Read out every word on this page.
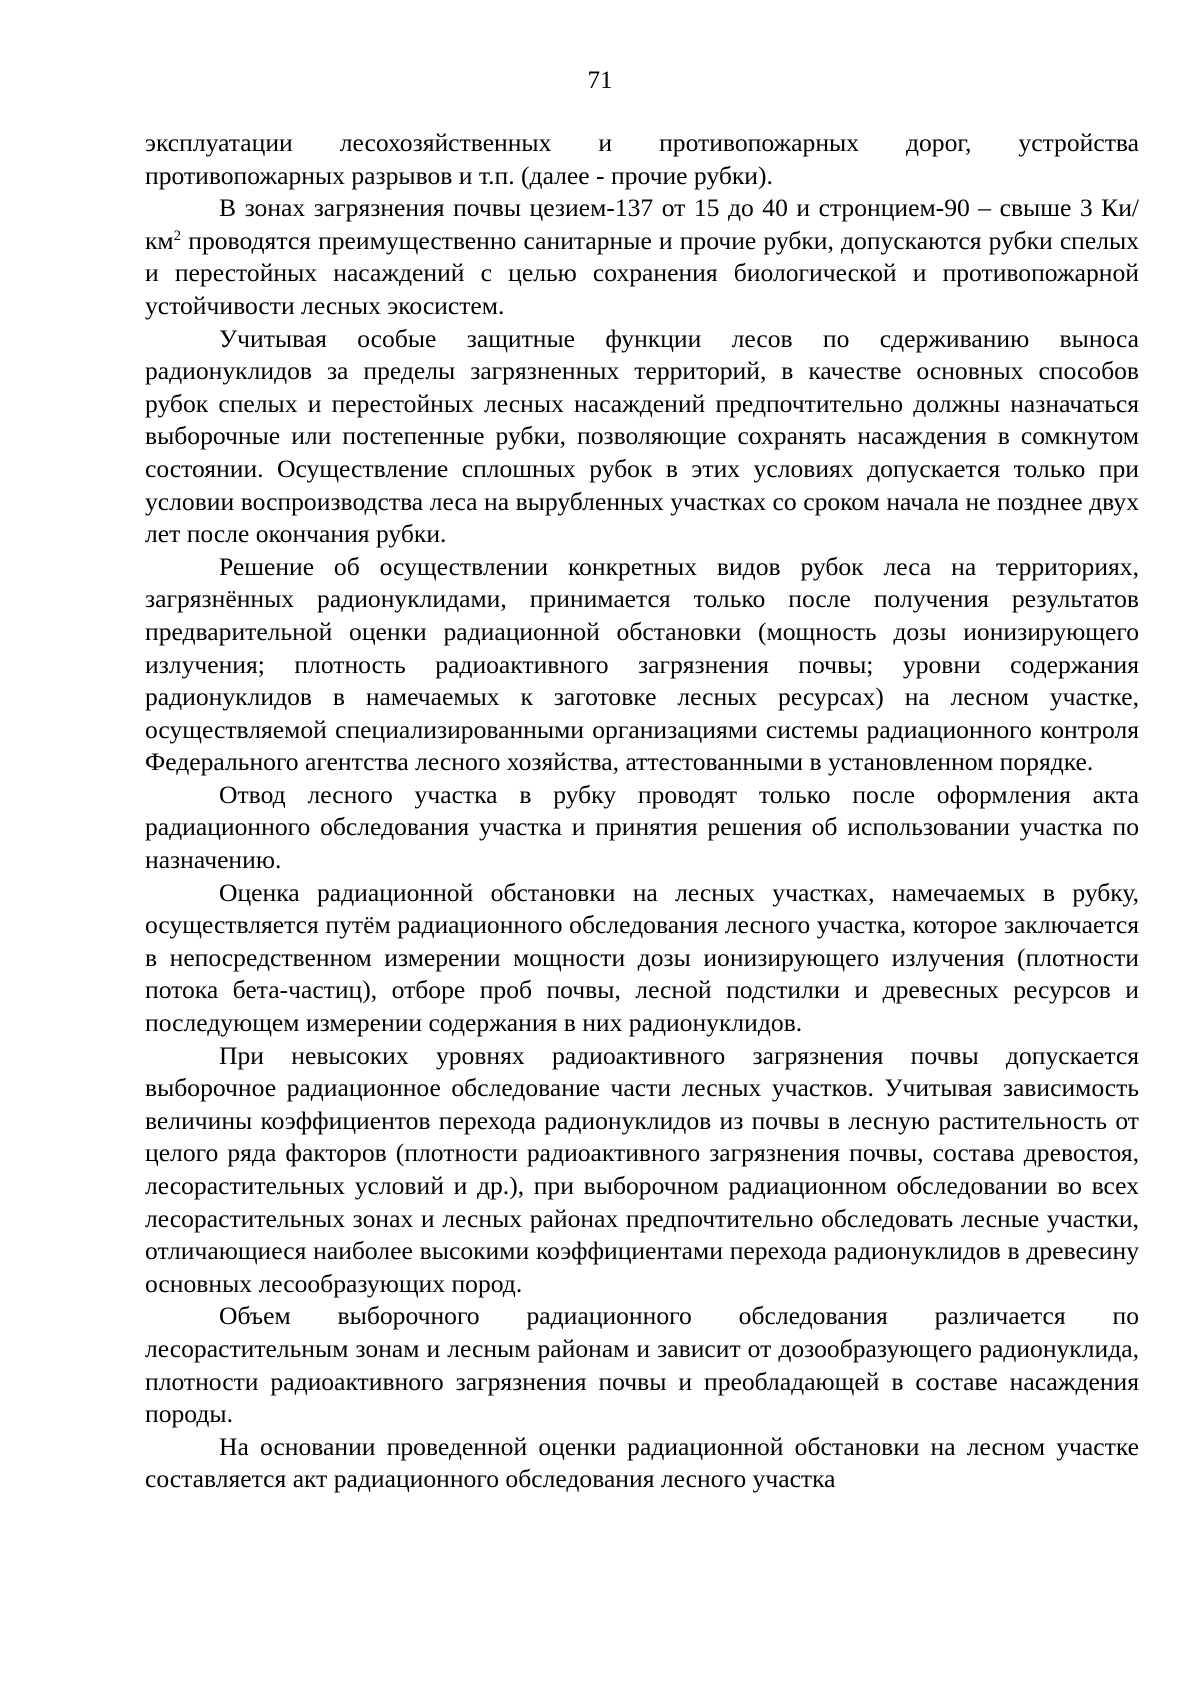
71

эксплуатации лесохозяйственных и противопожарных дорог, устройства противопожарных разрывов и т.п. (далее - прочие рубки).

В зонах загрязнения почвы цезием-137 от 15 до 40 и стронцием-90 – свыше 3 $Ки/км^2$ проводятся преимущественно санитарные и прочие рубки, допускаются рубки спелых и перестойных насаждений с целью сохранения биологической и противопожарной устойчивости лесных экосистем.

Учитывая особые защитные функции лесов по сдерживанию выноса радионуклидов за пределы загрязненных территорий, в качестве основных способов рубок спелых и перестойных лесных насаждений предпочтительно должны назначаться выборочные или постепенные рубки, позволяющие сохранять насаждения в сомкнутом состоянии. Осуществление сплошных рубок в этих условиях допускается только при условии воспроизводства леса на вырубленных участках со сроком начала не позднее двух лет после окончания рубки.

Решение об осуществлении конкретных видов рубок леса на территориях, загрязнённых радионуклидами, принимается только после получения результатов предварительной оценки радиационной обстановки (мощность дозы ионизирующего излучения; плотность радиоактивного загрязнения почвы; уровни содержания радионуклидов в намечаемых к заготовке лесных ресурсах) на лесном участке, осуществляемой специализированными организациями системы радиационного контроля Федерального агентства лесного хозяйства, аттестованными в установленном порядке.

Отвод лесного участка в рубку проводят только после оформления акта радиационного обследования участка и принятия решения об использовании участка по назначению.

Оценка радиационной обстановки на лесных участках, намечаемых в рубку, осуществляется путём радиационного обследования лесного участка, которое заключается в непосредственном измерении мощности дозы ионизирующего излучения (плотности потока бета-частиц), отборе проб почвы, лесной подстилки и древесных ресурсов и последующем измерении содержания в них радионуклидов.

При невысоких уровнях радиоактивного загрязнения почвы допускается выборочное радиационное обследование части лесных участков. Учитывая зависимость величины коэффициентов перехода радионуклидов из почвы в лесную растительность от целого ряда факторов (плотности радиоактивного загрязнения почвы, состава древостоя, лесорастительных условий и др.), при выборочном радиационном обследовании во всех лесорастительных зонах и лесных районах предпочтительно обследовать лесные участки, отличающиеся наиболее высокими коэффициентами перехода радионуклидов в древесину основных лесообразующих пород.

Объем выборочного радиационного обследования различается по лесорастительным зонам и лесным районам и зависит от дозообразующего радионуклида, плотности радиоактивного загрязнения почвы и преобладающей в составе насаждения породы.

На основании проведенной оценки радиационной обстановки на лесном участке составляется акт радиационного обследования лесного участка
